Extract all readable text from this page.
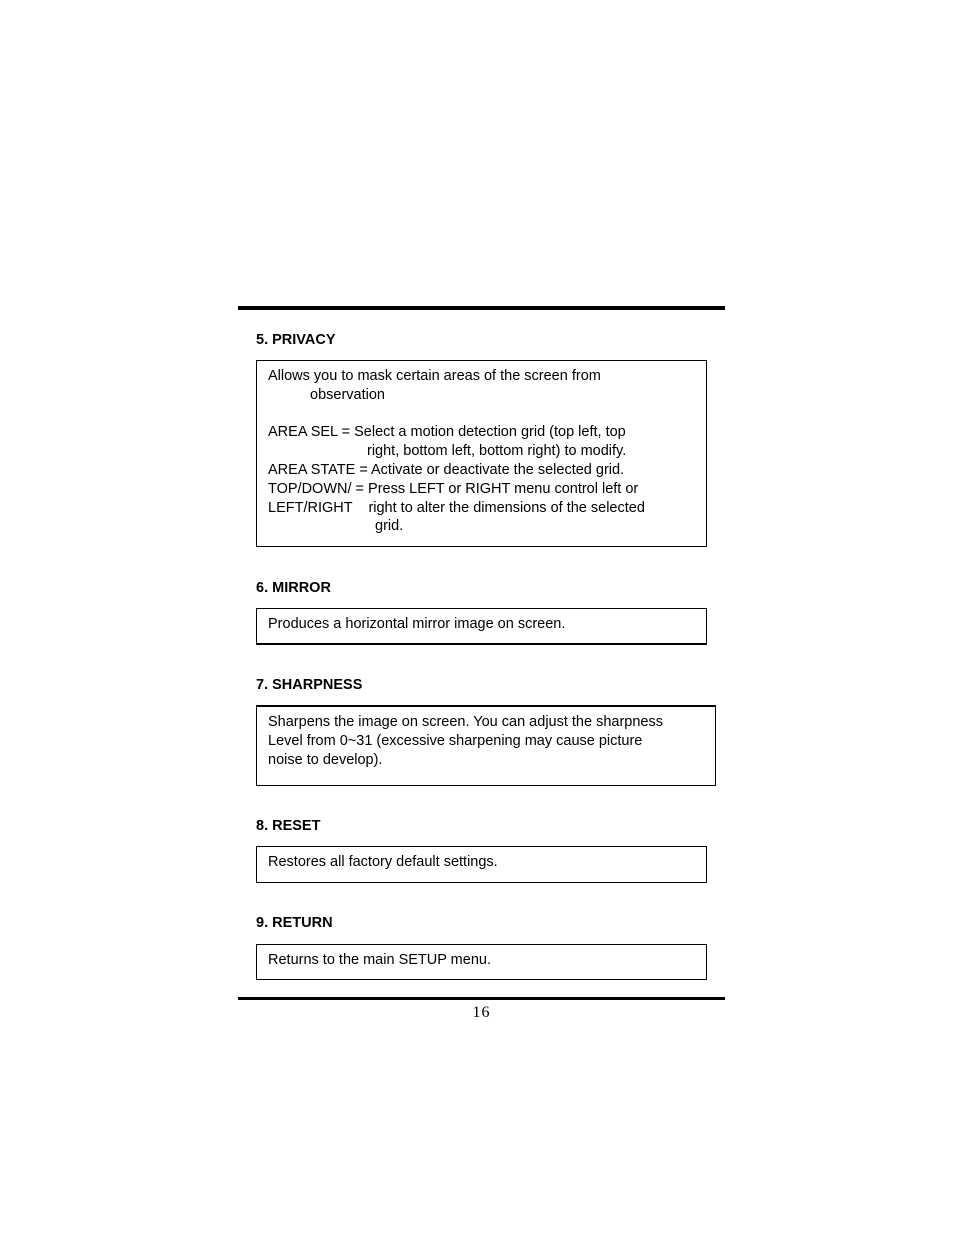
5. PRIVACY
Allows you to mask certain areas of the screen from
observation
AREA SEL = Select a motion detection grid (top left, top
right, bottom left, bottom right) to modify.
AREA STATE = Activate or deactivate the selected grid.
TOP/DOWN/ = Press LEFT or RIGHT menu control left or
LEFT/RIGHT    right to alter the dimensions of the selected
grid.
6. MIRROR
Produces a horizontal mirror image on screen.
7. SHARPNESS
Sharpens the image on screen. You can adjust the sharpness
Level from 0~31 (excessive sharpening may cause picture
noise to develop).
8. RESET
Restores all factory default settings.
9. RETURN
Returns to the main SETUP menu.
16
